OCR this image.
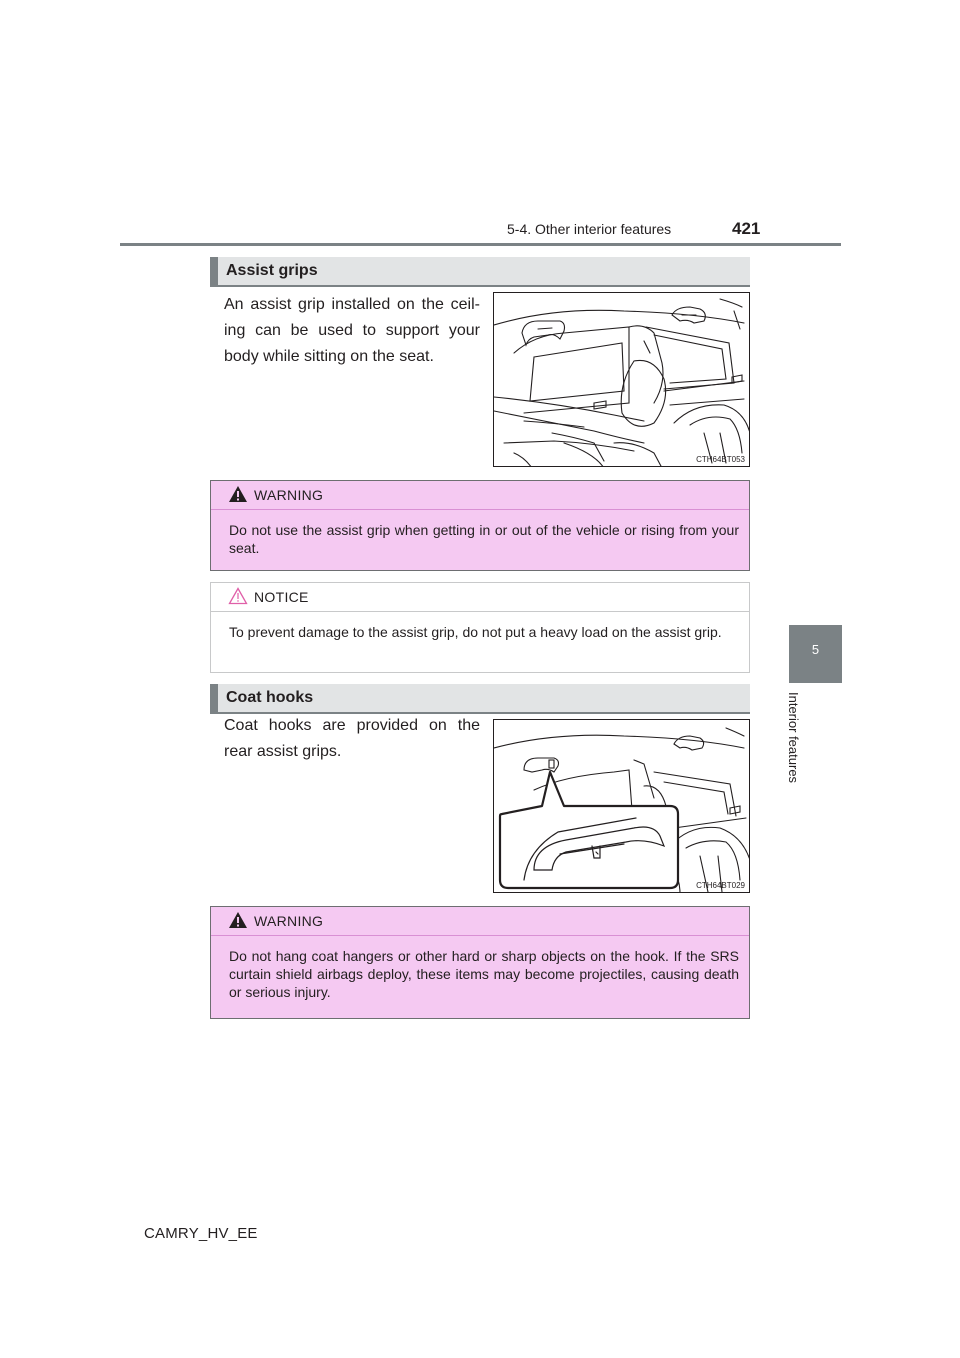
5-4. Other interior features	421
5
Interior features
Assist grips
An assist grip installed on the ceil-
ing can be used to support your
body while sitting on the seat.
CTH64BT053
WARNING
Do not use the assist grip when getting in or out of the vehicle or rising from your seat.
NOTICE
To prevent damage to the assist grip, do not put a heavy load on the assist grip.
Coat hooks
Coat hooks are provided on the
rear assist grips.
CTH64BT029
WARNING
Do not hang coat hangers or other hard or sharp objects on the hook. If the SRS curtain shield airbags deploy, these items may become projectiles, causing death or serious injury.
CAMRY_HV_EE
